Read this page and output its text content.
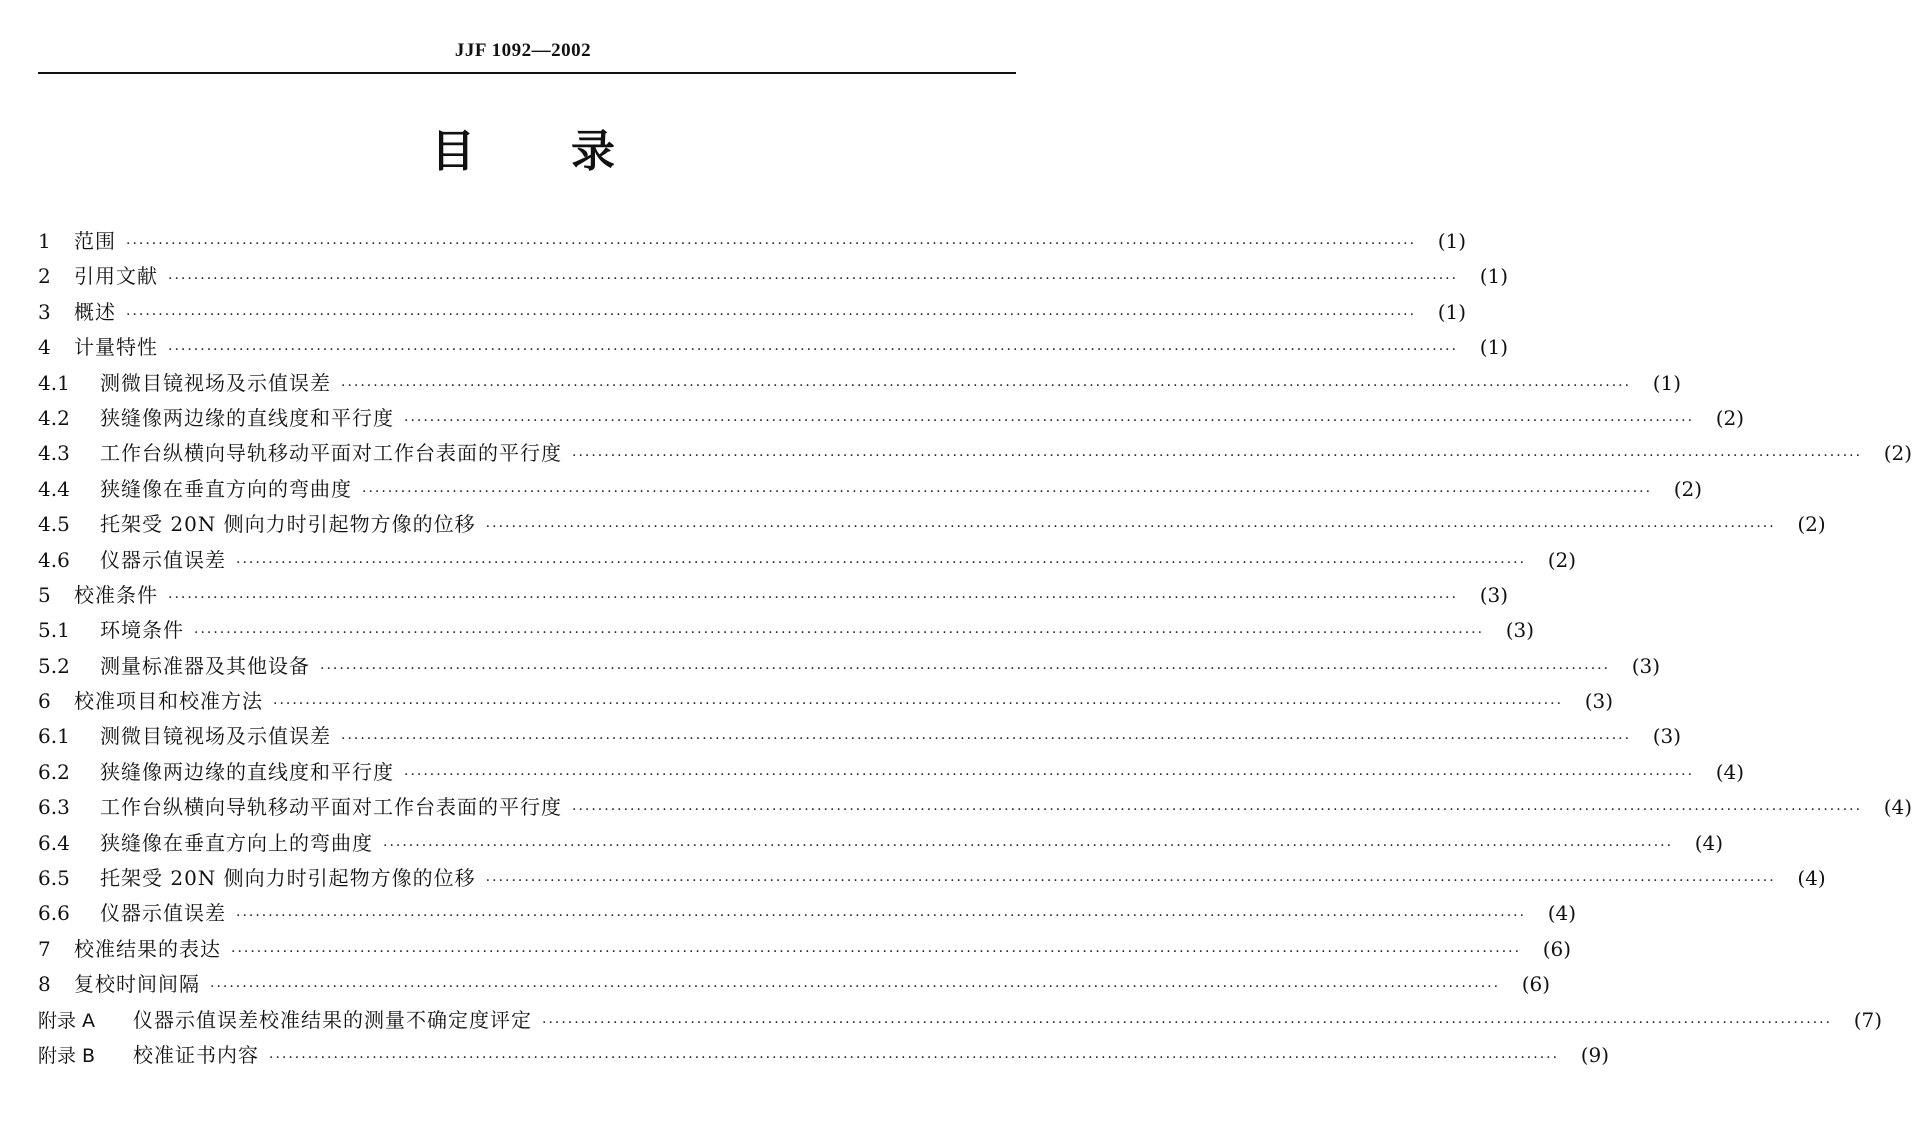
JJF 1092—2002
目 录
1	范围 ········································································································································································································	(1)
2	引用文献 ········································································································································································································	(1)
3	概述 ········································································································································································································	(1)
4	计量特性 ········································································································································································································	(1)
4.1	测微目镜视场及示值误差 ········································································································································································································	(1)
4.2	狭缝像两边缘的直线度和平行度 ········································································································································································································	(2)
4.3	工作台纵横向导轨移动平面对工作台表面的平行度 ········································································································································································································	(2)
4.4	狭缝像在垂直方向的弯曲度 ········································································································································································································	(2)
4.5	托架受 20N 侧向力时引起物方像的位移 ········································································································································································································	(2)
4.6	仪器示值误差 ········································································································································································································	(2)
5	校准条件 ········································································································································································································	(3)
5.1	环境条件 ········································································································································································································	(3)
5.2	测量标准器及其他设备 ········································································································································································································	(3)
6	校准项目和校准方法 ········································································································································································································	(3)
6.1	测微目镜视场及示值误差 ········································································································································································································	(3)
6.2	狭缝像两边缘的直线度和平行度 ········································································································································································································	(4)
6.3	工作台纵横向导轨移动平面对工作台表面的平行度 ········································································································································································································	(4)
6.4	狭缝像在垂直方向上的弯曲度 ········································································································································································································	(4)
6.5	托架受 20N 侧向力时引起物方像的位移 ········································································································································································································	(4)
6.6	仪器示值误差 ········································································································································································································	(4)
7	校准结果的表达 ········································································································································································································	(6)
8	复校时间间隔 ········································································································································································································	(6)
附录 A	仪器示值误差校准结果的测量不确定度评定 ········································································································································································································	(7)
附录 B	校准证书内容 ········································································································································································································	(9)
